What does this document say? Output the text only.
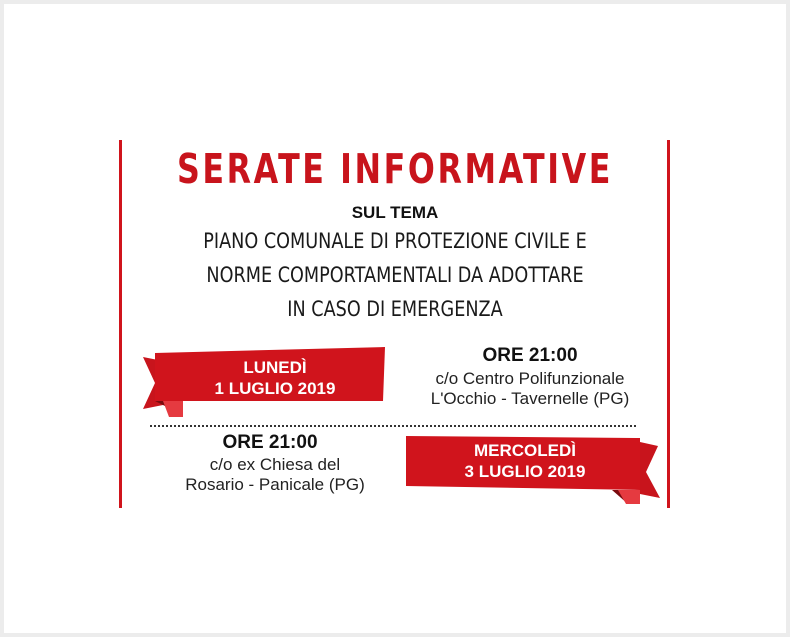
SERATE INFORMATIVE
SUL TEMA
PIANO COMUNALE DI PROTEZIONE CIVILE E
NORME COMPORTAMENTALI DA ADOTTARE
IN CASO DI EMERGENZA
LUNEDÌ
1 LUGLIO 2019
ORE 21:00
c/o Centro Polifunzionale
L'Occhio - Tavernelle (PG)
ORE 21:00
c/o ex Chiesa del
Rosario - Panicale (PG)
MERCOLEDÌ
3 LUGLIO 2019
